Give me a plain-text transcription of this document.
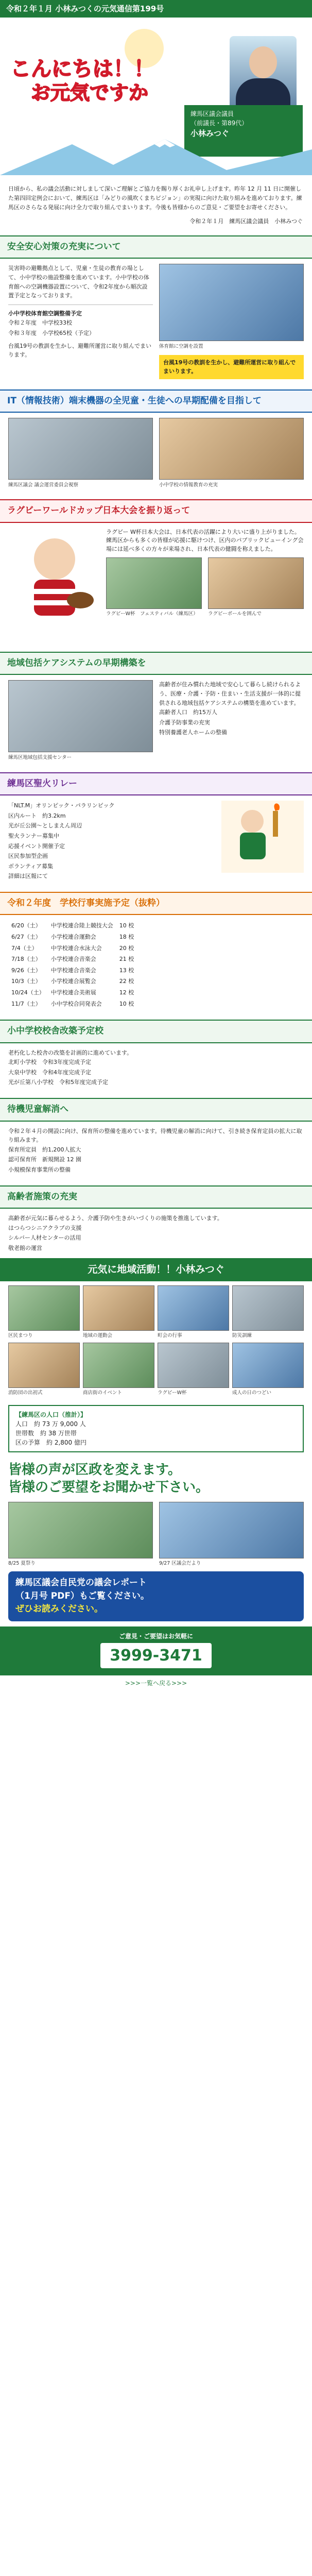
令和２年１月 小林みつくの元気通信第199号
こんにちは！！
お元気ですか
練馬区議会議員
（前議長・第89代）
小林みつぐ
日頃から、私の議会活動に対しまして深いご理解とご協力を賜り厚くお礼申し上げます。昨年 12 月 11 日に開催した第四回定例会において、練馬区は「みどりの風吹くまちビジョン」の実現に向けた取り組みを進めております。練馬区のさらなる発展に向け全力で取り組んでまいります。今後も皆様からのご意見・ご要望をお寄せください。
令和２年１月　練馬区議会議員　小林みつぐ
安全安心対策の充実について

災害時の避難拠点として、児童・生徒の教育の場として、小中学校の施設整備を進めています。小中学校の体育館への空調機器設置について、令和2年度から順次設置予定となっております。

小中学校体育館空調整備予定
令和２年度　中学校33校
令和３年度　小学校65校（予定）

台風19号の教訓を生かし、避難所運営に取り組んでまいります。

体育館に空調を設置
台風19号の教訓を生かし、避難所運営に取り組んでまいります。
IT（情報技術）端末機器の全児童・生徒への早期配備を目指して
練馬区議会 議会運営委員会視察	小中学校の情報教育の充実
ラグビーワールドカップ日本大会を振り返って

ラグビー W杯日本大会は、日本代表の活躍により大いに盛り上がりました。練馬区からも多くの皆様が応援に駆けつけ、区内のパブリックビューイング会場には延べ多くの方々が来場され、日本代表の健闘を称えました。

ラグビーW杯　フェスティバル（練馬区）	ラグビーボールを囲んで
地域包括ケアシステムの早期構築を
練馬区地域包括支援センター

高齢者が住み慣れた地域で安心して暮らし続けられるよう、医療・介護・予防・住まい・生活支援が一体的に提供される地域包括ケアシステムの構築を進めています。

高齢者人口　約15万人
介護予防事業の充実
特別養護老人ホームの整備
練馬区聖火リレー
「NLT.M」オリンピック・パラリンピック
区内ルート　約3.2km
光が丘公園〜としまえん周辺
聖火ランナー募集中
応援イベント開催予定
区民参加型企画
ボランティア募集
詳細は区報にて
令和２年度　学校行事実施予定（抜粋）
6/20（土）	中学校連合陸上競技大会	10 校
6/27（土）	小学校連合運動会	18 校
7/4（土）	中学校連合水泳大会	20 校
7/18（土）	小学校連合音楽会	21 校
9/26（土）	中学校連合音楽会	13 校
10/3（土）	小学校連合展覧会	22 校
10/24（土）	中学校連合美術展	12 校
11/7（土）	小中学校合同発表会	10 校
小中学校校舎改築予定校

老朽化した校舎の改築を計画的に進めています。

北町小学校　令和3年度完成予定
大泉中学校　令和4年度完成予定
光が丘第八小学校　令和5年度完成予定
待機児童解消へ

令和２年４月の開設に向け、保育所の整備を進めています。待機児童の解消に向けて、引き続き保育定員の拡大に取り組みます。

保育所定員　約1,200人拡大
認可保育所　新規開設 12 園
小規模保育事業所の整備
高齢者施策の充実

高齢者が元気に暮らせるよう、介護予防や生きがいづくりの施策を推進しています。

はつらつシニアクラブの支援
シルバー人材センターの活用
敬老館の運営
元気に地域活動！！小林みつぐ
区民まつり	地域の運動会	町会の行事	防災訓練
消防団の出初式	商店街のイベント	ラグビーW杯	成人の日のつどい
【練馬区の人口（推計）】
人口　約 73 万 9,000 人
世帯数　約 38 万世帯
区の予算　約 2,800 億円
皆様の声が区政を変えます。
皆様のご要望をお聞かせ下さい。
8/25 夏祭り	9/27 区議会だより
練馬区議会自民党の議会レポート
（1月号 PDF）もご覧ください。
ぜひお読みください。
ご意見・ご要望はお気軽に
3999-3471
>>>一覧へ戻る>>>
